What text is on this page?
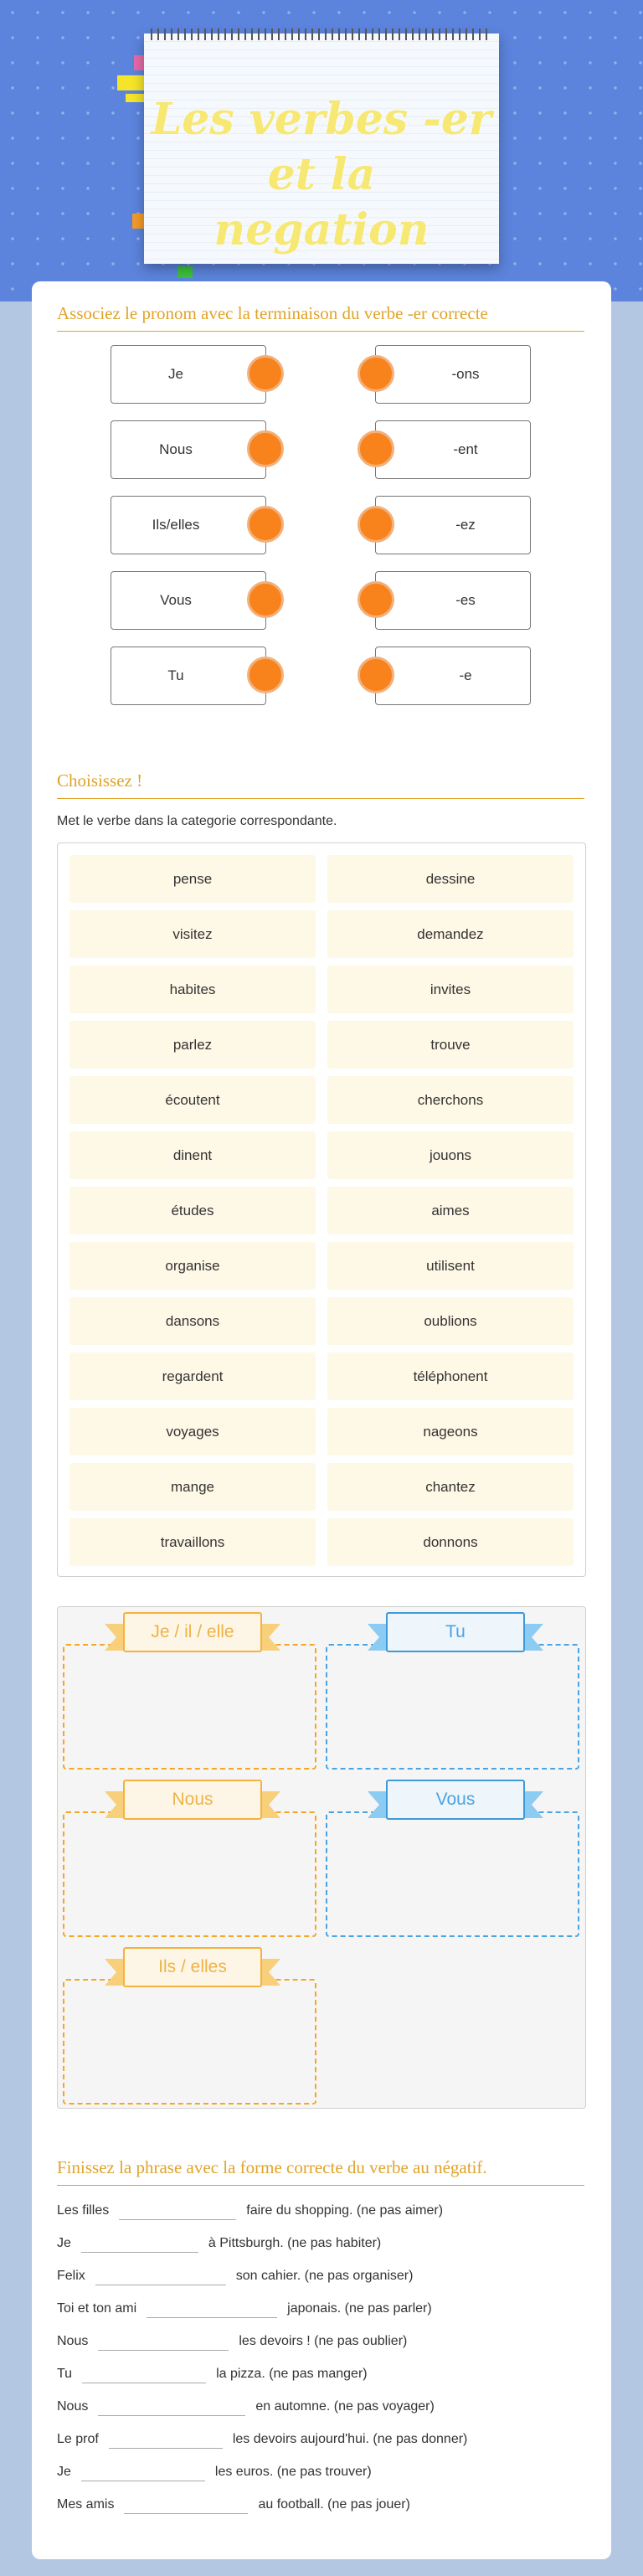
Les verbes -er et la
negation
Associez le pronom avec la terminaison du verbe -er correcte
Je
Nous
Ils/elles
Vous
Tu
-ons
-ent
-ez
-es
-e
Choisissez !
Met le verbe dans la categorie correspondante.
pense
visitez
habites
parlez
écoutent
dinent
études
organise
dansons
regardent
voyages
mange
travaillons
dessine
demandez
invites
trouve
cherchons
jouons
aimes
utilisent
oublions
téléphonent
nageons
chantez
donnons
Je / il / elle	Tu
Nous	Vous
Ils / elles
Finissez la phrase avec la forme correcte du verbe au négatif.
Les filles	faire du shopping. (ne pas aimer)
Je	à Pittsburgh. (ne pas habiter)
Felix	son cahier. (ne pas organiser)
Toi et ton ami	japonais. (ne pas parler)
Nous	les devoirs ! (ne pas oublier)
Tu	la pizza. (ne pas manger)
Nous	en automne. (ne pas voyager)
Le prof	les devoirs aujourd'hui. (ne pas donner)
Je	les euros. (ne pas trouver)
Mes amis	au football. (ne pas jouer)
